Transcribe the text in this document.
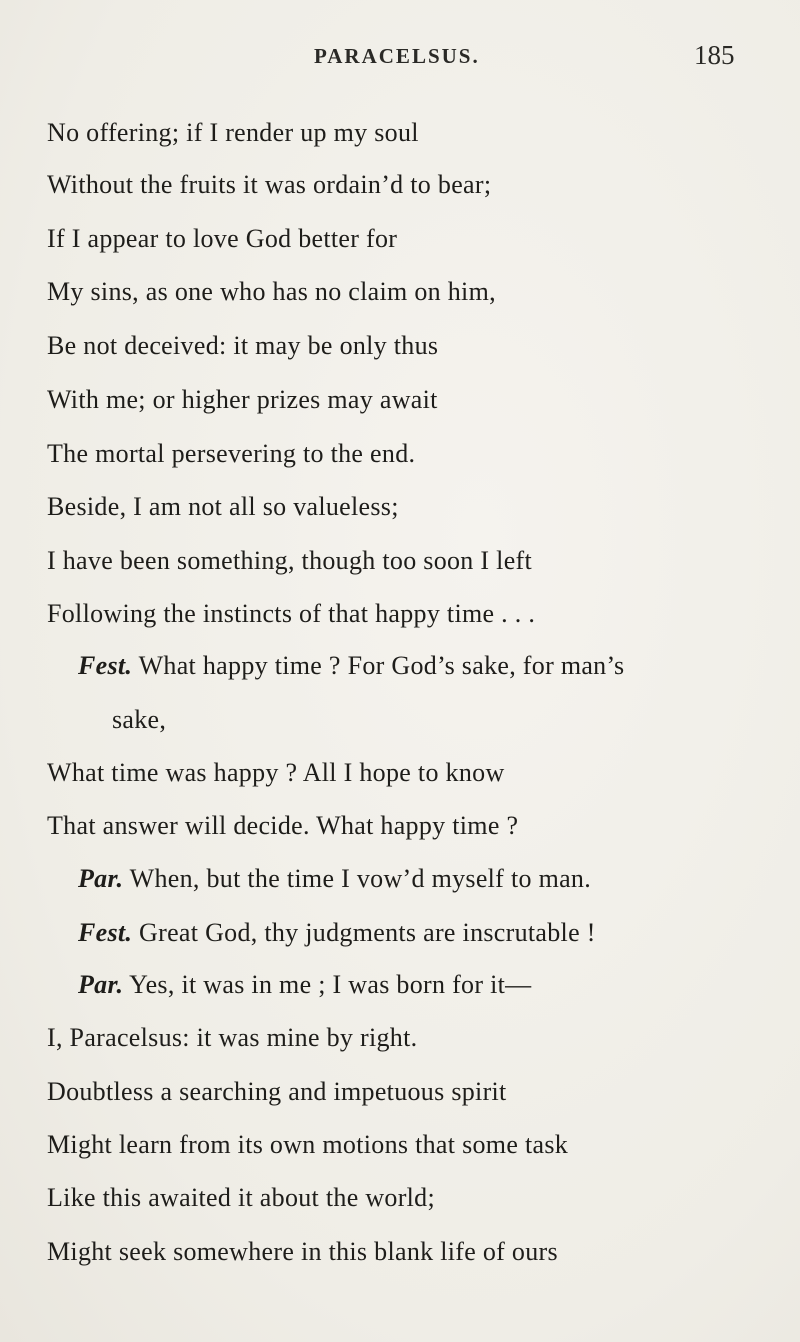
PARACELSUS.	185
No offering; if I render up my soul
Without the fruits it was ordain’d to bear;
If I appear to love God better for
My sins, as one who has no claim on him,
Be not deceived: it may be only thus
With me; or higher prizes may await
The mortal persevering to the end.
Beside, I am not all so valueless;
I have been something, though too soon I left
Following the instincts of that happy time . . .
Fest. What happy time ? For God’s sake, for man’s
sake,
What time was happy ? All I hope to know
That answer will decide. What happy time ?
Par. When, but the time I vow’d myself to man.
Fest. Great God, thy judgments are inscrutable !
Par. Yes, it was in me ; I was born for it—
I, Paracelsus: it was mine by right.
Doubtless a searching and impetuous spirit
Might learn from its own motions that some task
Like this awaited it about the world;
Might seek somewhere in this blank life of ours
